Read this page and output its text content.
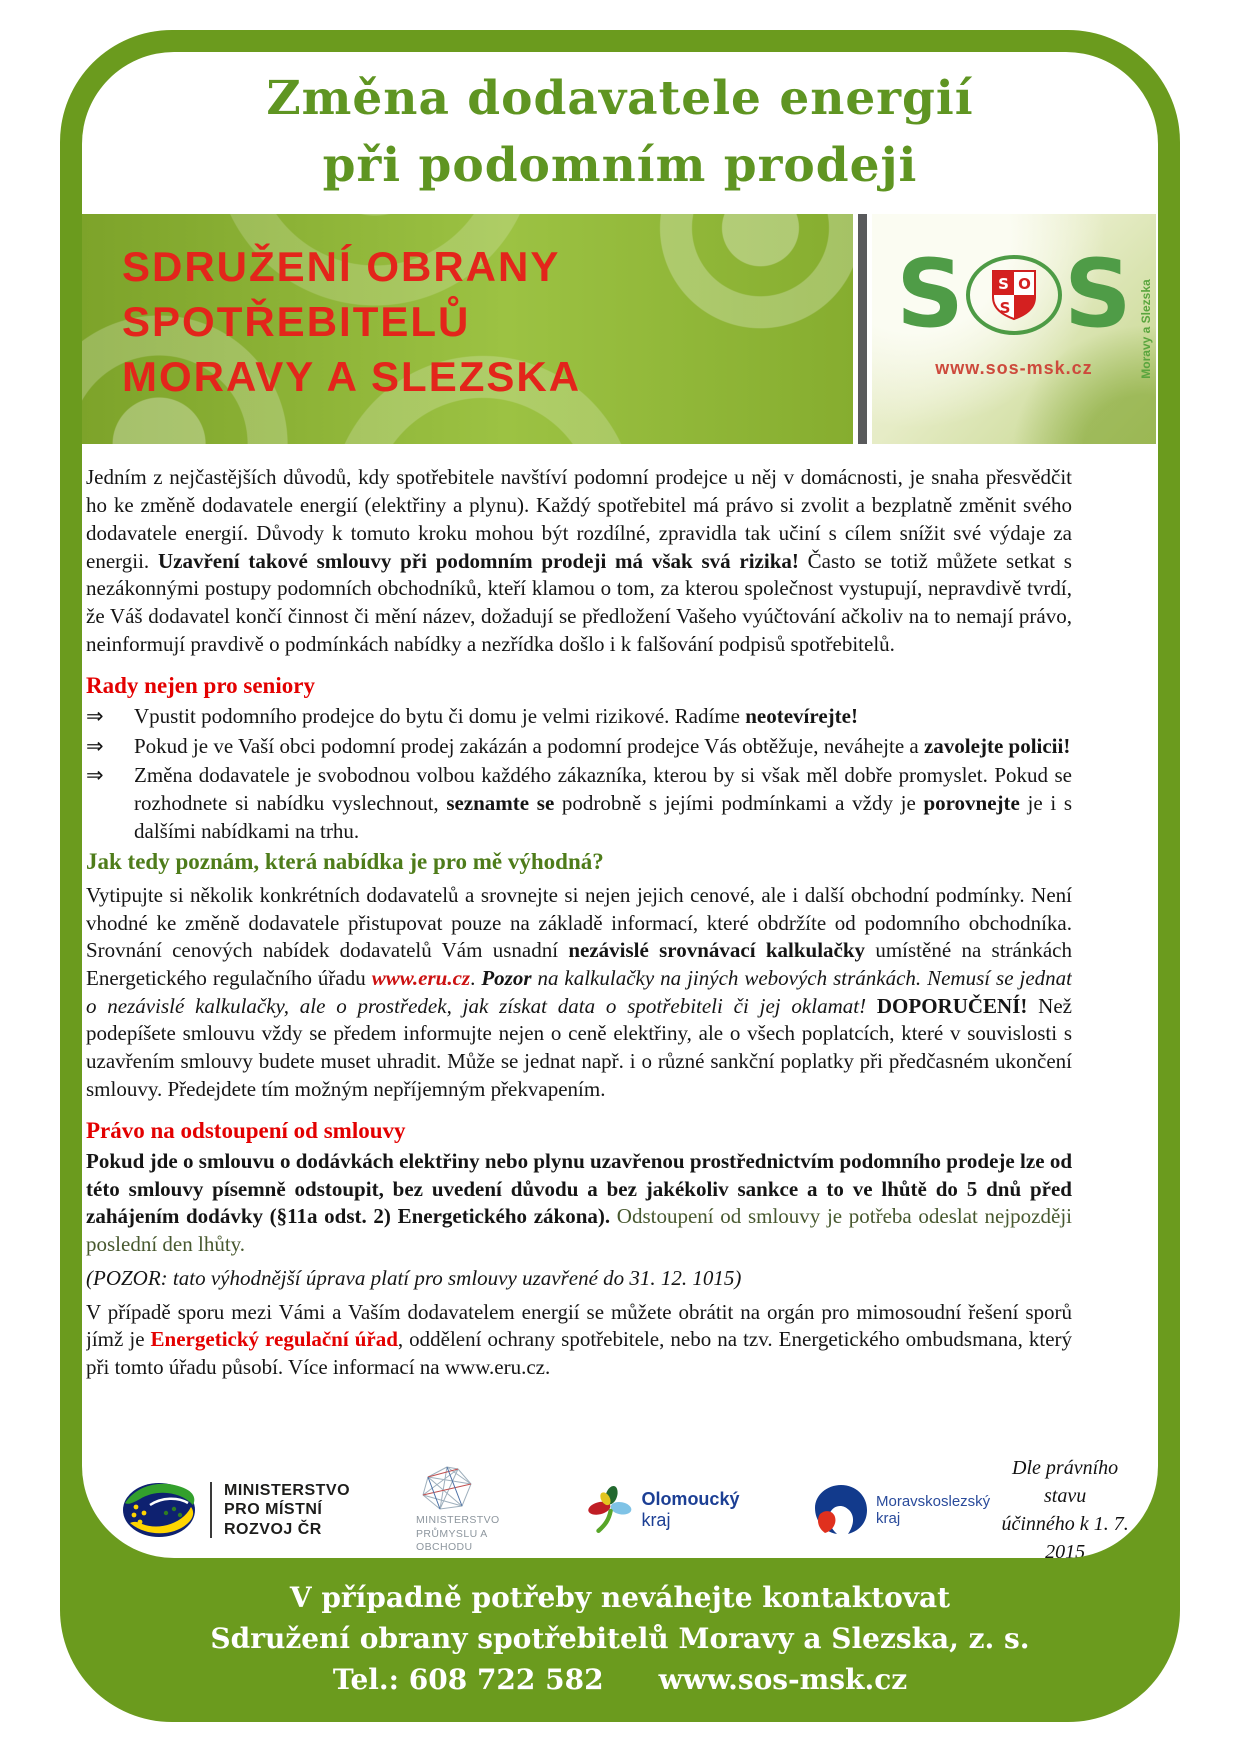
Změna dodavatele energií
při podomním prodeji
SDRUŽENÍ OBRANY
SPOTŘEBITELŮ
MORAVY A SLEZSKA
S S O
S S
www.sos-msk.cz	Moravy a Slezska

Jedním z nejčastějších důvodů, kdy spotřebitele navštíví podomní prodejce u něj v domácnosti, je snaha přesvědčit ho ke změně dodavatele energií (elektřiny a plynu). Každý spotřebitel má právo si zvolit a bezplatně změnit svého dodavatele energií. Důvody k tomuto kroku mohou být rozdílné, zpravidla tak učiní s cílem snížit své výdaje za energii. Uzavření takové smlouvy při podomním prodeji má však svá rizika! Často se totiž můžete setkat s nezákonnými postupy podomních obchodníků, kteří klamou o tom, za kterou společnost vystupují, nepravdivě tvrdí, že Váš dodavatel končí činnost či mění název, dožadují se předložení Vašeho vyúčtování ačkoliv na to nemají právo, neinformují pravdivě o podmínkách nabídky a nezřídka došlo i k falšování podpisů spotřebitelů.

Rady nejen pro seniory
⇒	Vpustit podomního prodejce do bytu či domu je velmi rizikové. Radíme neotevírejte!
⇒	Pokud je ve Vaší obci podomní prodej zakázán a podomní prodejce Vás obtěžuje, neváhejte a zavolejte policii!
⇒	Změna dodavatele je svobodnou volbou každého zákazníka, kterou by si však měl dobře promyslet. Pokud se rozhodnete si nabídku vyslechnout, seznamte se podrobně s jejími podmínkami a vždy je porovnejte je i s dalšími nabídkami na trhu.
Jak tedy poznám, která nabídka je pro mě výhodná?

Vytipujte si několik konkrétních dodavatelů a srovnejte si nejen jejich cenové, ale i další obchodní podmínky. Není vhodné ke změně dodavatele přistupovat pouze na základě informací, které obdržíte od podomního obchodníka. Srovnání cenových nabídek dodavatelů Vám usnadní nezávislé srovnávací kalkulačky umístěné na stránkách Energetického regulačního úřadu www.eru.cz. Pozor na kalkulačky na jiných webových stránkách. Nemusí se jednat o nezávislé kalkulačky, ale o prostředek, jak získat data o spotřebiteli či jej oklamat! DOPORUČENÍ! Než podepíšete smlouvu vždy se předem informujte nejen o ceně elektřiny, ale o všech poplatcích, které v souvislosti s uzavřením smlouvy budete muset uhradit. Může se jednat např. i o různé sankční poplatky při předčasném ukončení smlouvy. Předejdete tím možným nepříjemným překvapením.

Právo na odstoupení od smlouvy

Pokud jde o smlouvu o dodávkách elektřiny nebo plynu uzavřenou prostřednictvím podomního prodeje lze od této smlouvy písemně odstoupit, bez uvedení důvodu a bez jakékoliv sankce a to ve lhůtě do 5 dnů před zahájením dodávky (§11a odst. 2) Energetického zákona). Odstoupení od smlouvy je potřeba odeslat nejpozději poslední den lhůty.

(POZOR: tato výhodnější úprava platí pro smlouvy uzavřené do 31. 12. 1015)

V případě sporu mezi Vámi a Vaším dodavatelem energií se můžete obrátit na orgán pro mimosoudní řešení sporů jímž je Energetický regulační úřad, oddělení ochrany spotřebitele, nebo na tzv. Energetického ombudsmana, který při tomto úřadu působí. Více informací na www.eru.cz.

MINISTERSTVO
PRO MÍSTNÍ
ROZVOJ ČR
MINISTERSTVO
PRŮMYSLU A OBCHODU
Olomoucký kraj
Moravskoslezský
kraj
Dle právního stavu
účinného k 1. 7. 2015
V případně potřeby neváhejte kontaktovat
Sdružení obrany spotřebitelů Moravy a Slezska, z. s.
Tel.: 608 722 582 www.sos-msk.cz
